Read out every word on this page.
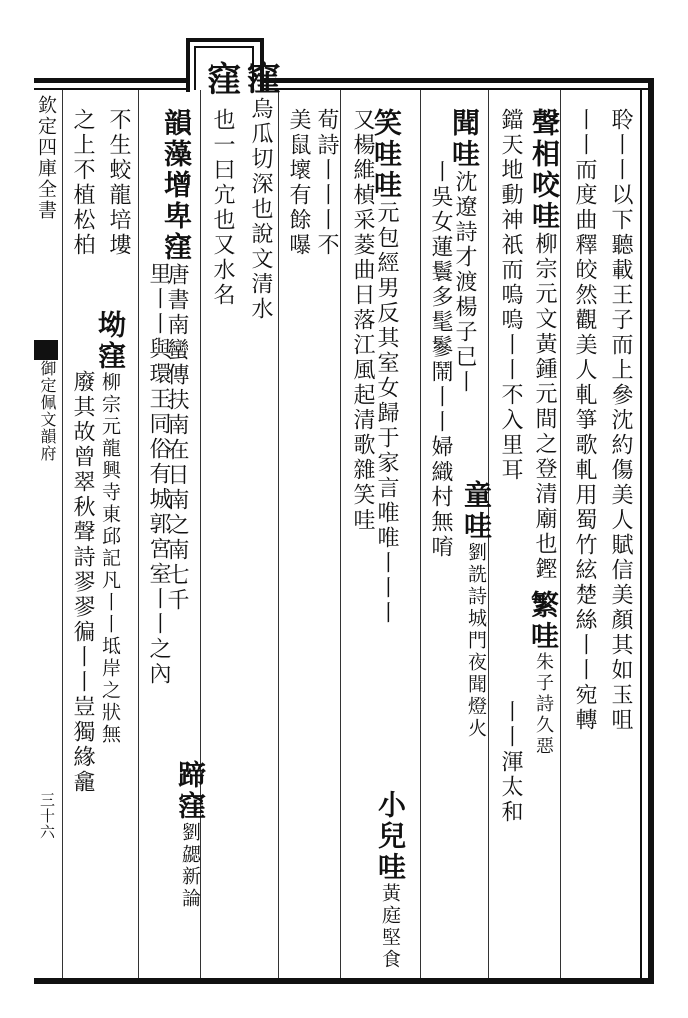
欽定四庫全書
御定佩文韻府
三十六
聆丨丨以下聽載王子而上參沈約傷美人賦信美顏其如玉咀
丨丨而度曲釋皎然觀美人軋箏歌軋用蜀竹絃楚絲丨丨宛轉
聲相咬哇柳宗元文黃鍾元間之登清廟也鏗
丨丨渾太和
鐺天地動神祇而嗚嗚丨丨不入里耳
繁哇朱子詩久惡
聞哇沈遼詩才渡楊子已丨
童哇劉詵詩城門夜聞燈火
丨吳女蓮鬟多髦鬖鬧丨丨婦織村無唷
笑哇哇元包經男反其室女歸于家言唯唯丨丨丨
又楊維楨采菱曲日落江風起清歌雜笑哇
小兒哇黃庭堅食
荀詩丨丨丨不
美鼠壞有餘嚗
窪烏瓜切深也說文清水
也一曰宂也又水名
韻藻增卑窪唐書南蠻傳扶南在日南之南七千
蹄窪劉勰新論
里丨丨與環王同俗有城郭宮室丨丨之內
不生蛟龍培塿
之上不植松柏
坳窪柳宗元龍興寺東邱記凡丨丨坻岸之狀無
廢其故曾翠秋聲詩翏翏徧丨丨豈獨緣龕
窪
